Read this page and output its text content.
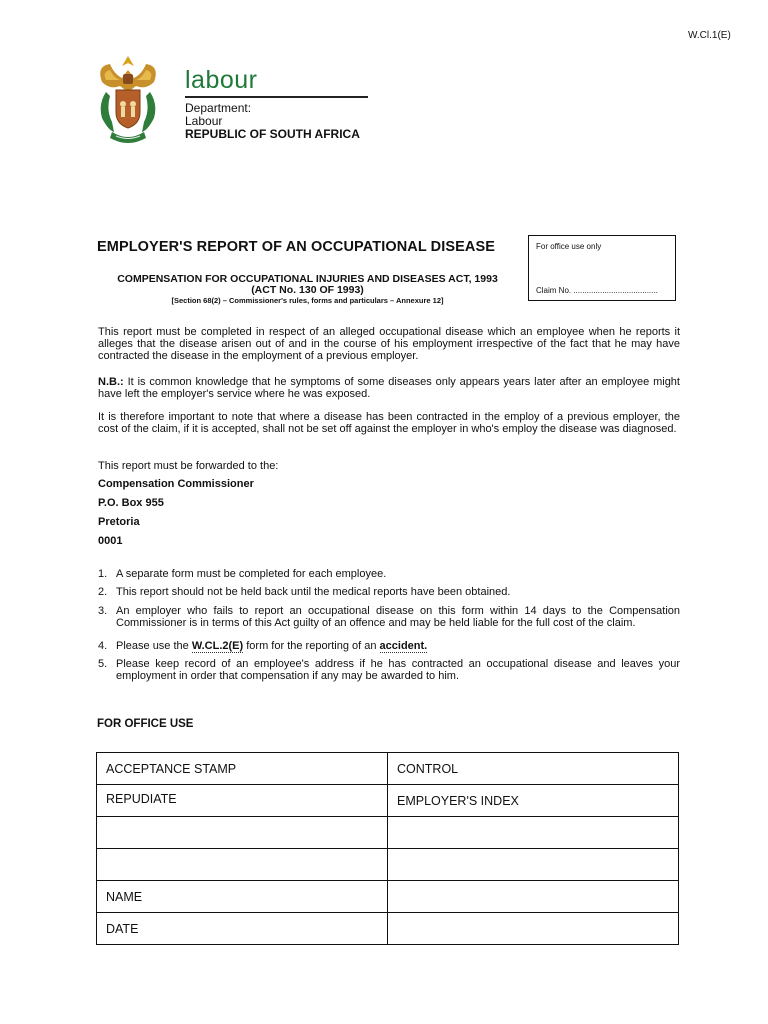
W.Cl.1(E)
labour
Department:
Labour
REPUBLIC OF SOUTH AFRICA
EMPLOYER'S REPORT OF AN OCCUPATIONAL DISEASE
COMPENSATION FOR OCCUPATIONAL INJURIES AND DISEASES ACT, 1993
(ACT No. 130 OF 1993)
[Section 68(2) – Commissioner's rules, forms and particulars – Annexure 12]
For office use only
Claim No. ......................................
This report must be completed in respect of an alleged occupational disease which an employee when he reports it alleges that the disease arisen out of and in the course of his employment irrespective of the fact that he may have contracted the disease in the employment of a previous employer.
N.B.: It is common knowledge that he symptoms of some diseases only appears years later after an employee might have left the employer's service where he was exposed.
It is therefore important to note that where a disease has been contracted in the employ of a previous employer, the cost of the claim, if it is accepted, shall not be set off against the employer in who's employ the disease was diagnosed.
This report must be forwarded to the:
Compensation Commissioner
P.O. Box 955
Pretoria
0001
1. A separate form must be completed for each employee.
2. This report should not be held back until the medical reports have been obtained.
3. An employer who fails to report an occupational disease on this form within 14 days to the Compensation Commissioner is in terms of this Act guilty of an offence and may be held liable for the full cost of the claim.
4. Please use the W.CL.2(E) form for the reporting of an accident.
5. Please keep record of an employee's address if he has contracted an occupational disease and leaves your employment in order that compensation if any may be awarded to him.
FOR OFFICE USE
ACCEPTANCE STAMP	CONTROL
REPUDIATE	EMPLOYER'S INDEX

NAME	
DATE	
